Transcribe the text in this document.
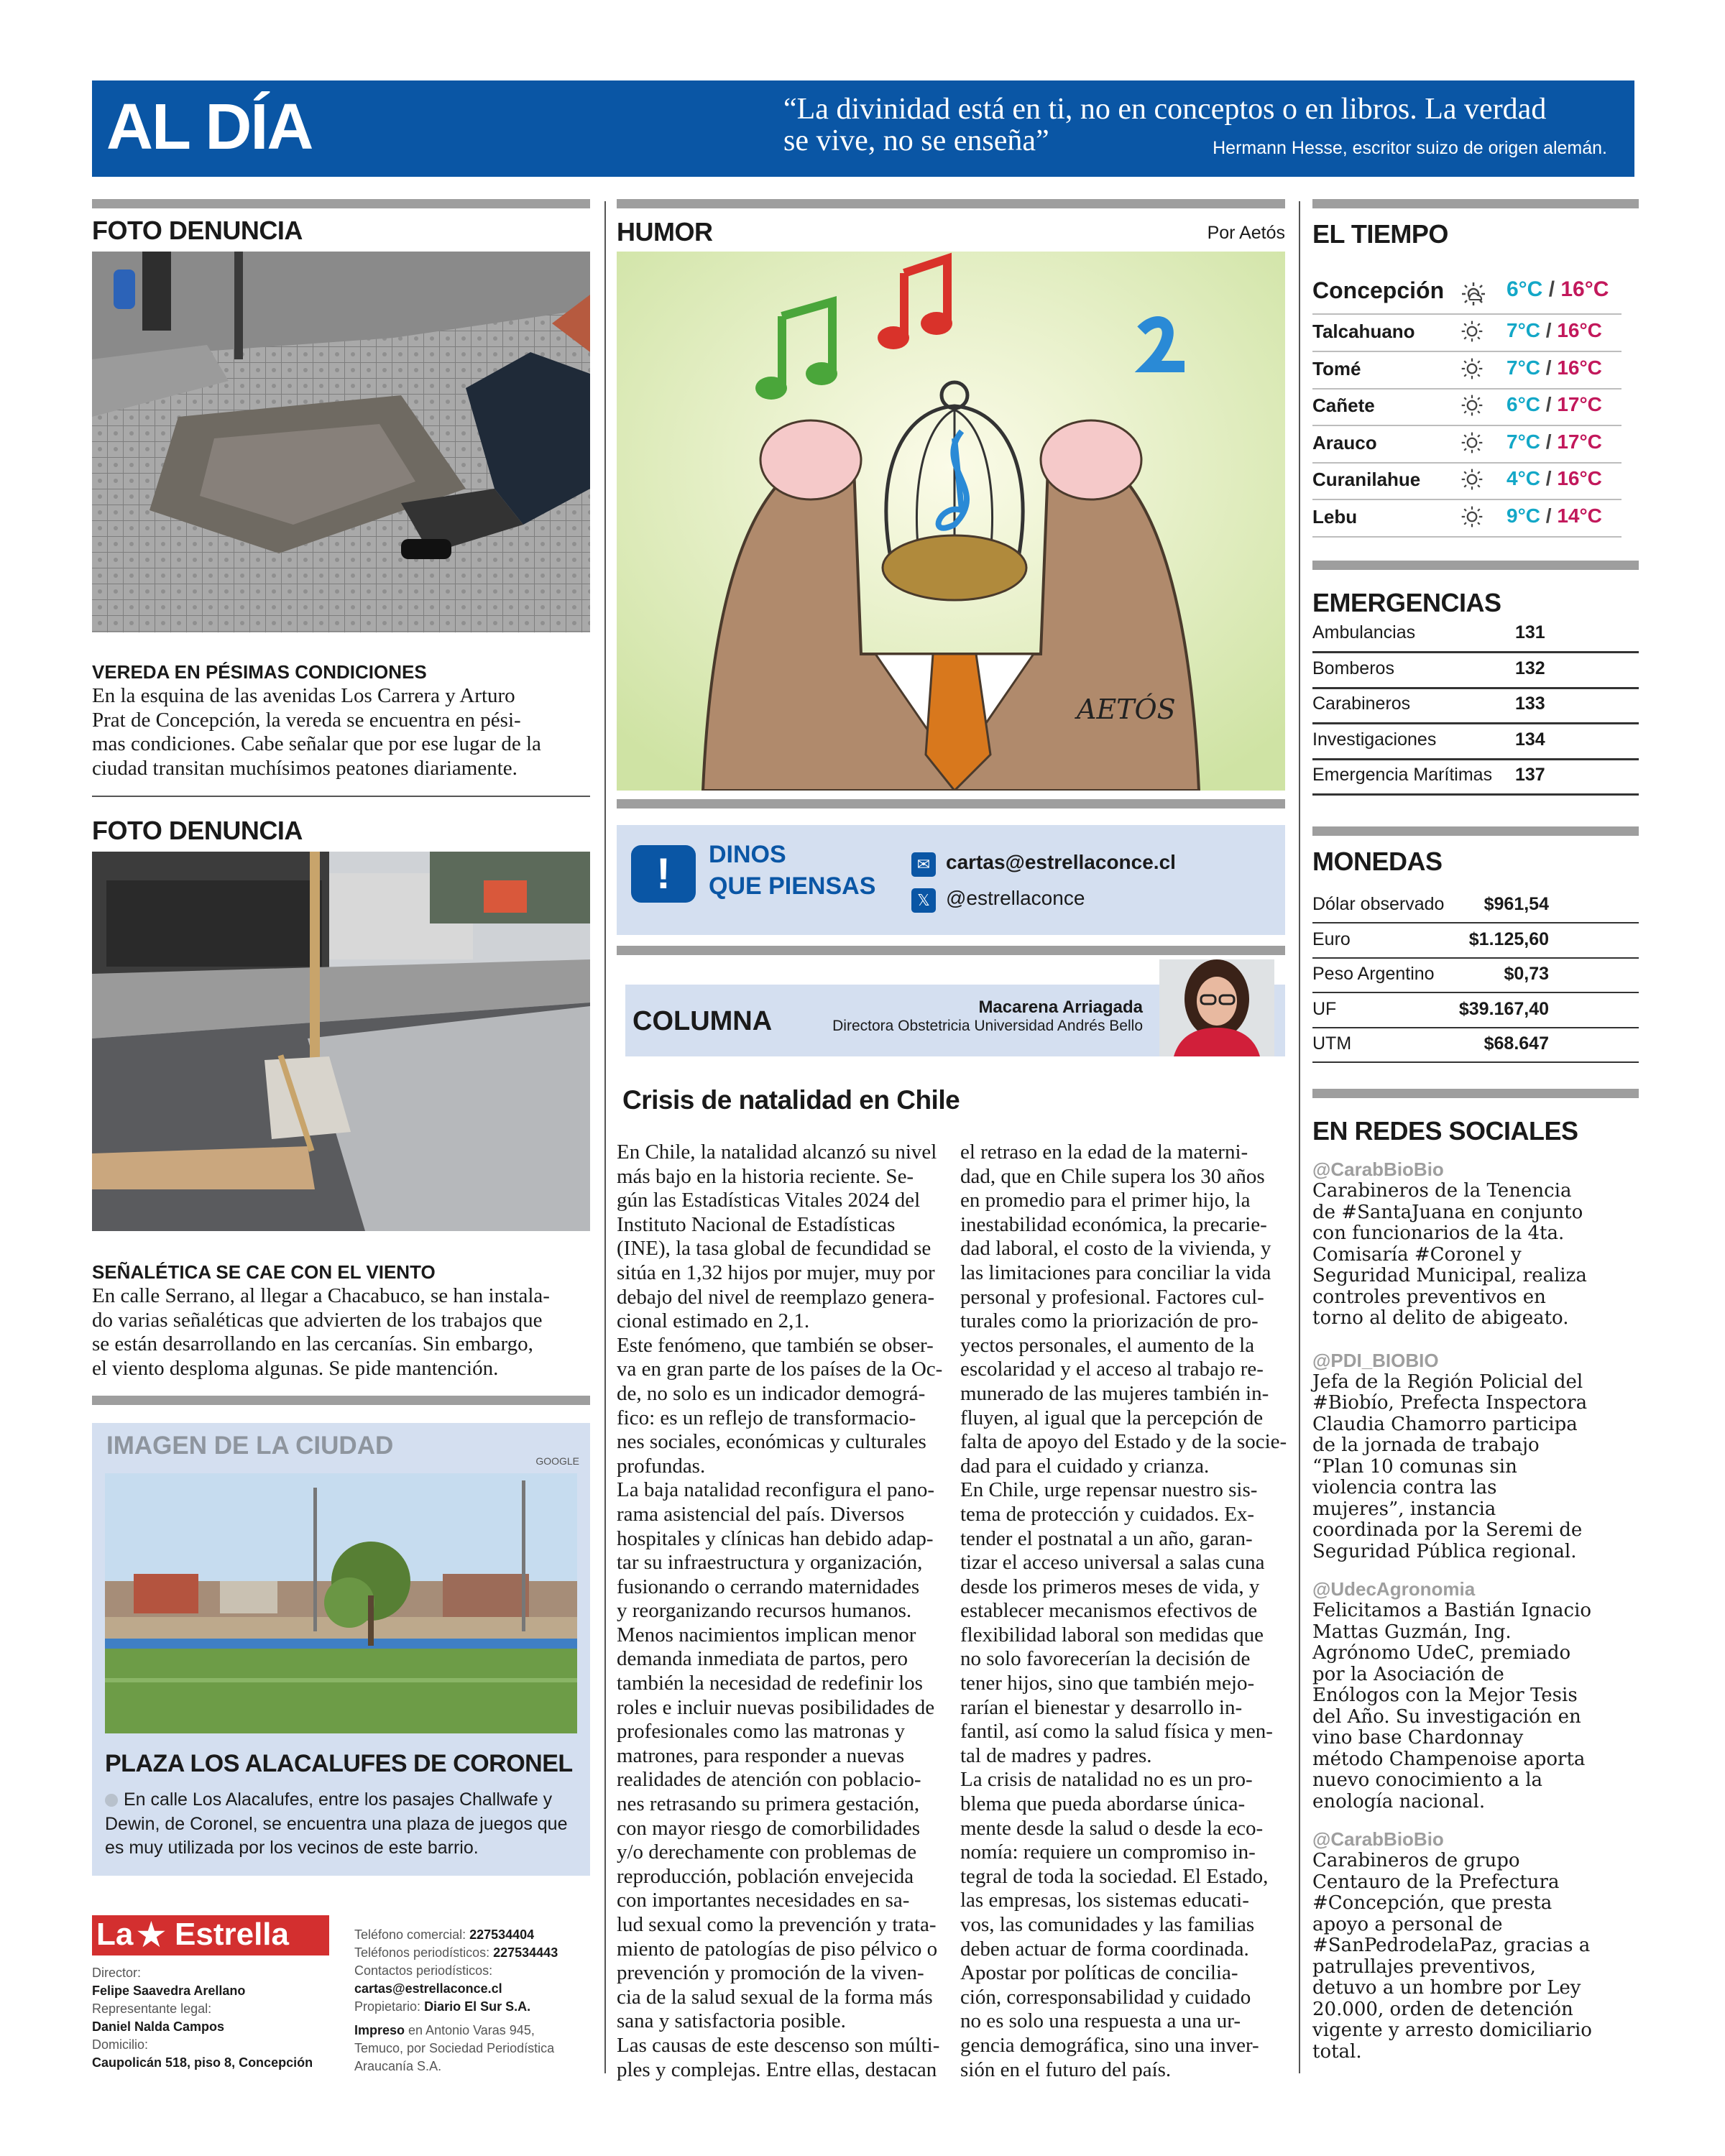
AL DÍA	“La divinidad está en ti, no en conceptos o en libros. La verdad
se vive, no se enseña”	Hermann Hesse, escritor suizo de origen alemán.
FOTO DENUNCIA
VEREDA EN PÉSIMAS CONDICIONES
En la esquina de las avenidas Los Carrera y Arturo
Prat de Concepción, la vereda se encuentra en pési-
mas condiciones. Cabe señalar que por ese lugar de la
ciudad transitan muchísimos peatones diariamente.
FOTO DENUNCIA
SEÑALÉTICA SE CAE CON EL VIENTO
En calle Serrano, al llegar a Chacabuco, se han instala-
do varias señaléticas que advierten de los trabajos que
se están desarrollando en las cercanías. Sin embargo,
el viento desploma algunas. Se pide mantención.
IMAGEN DE LA CIUDAD
GOOGLE
PLAZA LOS ALACALUFES DE CORONEL
En calle Los Alacalufes, entre los pasajes Challwafe y
Dewin, de Coronel, se encuentra una plaza de juegos que
es muy utilizada por los vecinos de este barrio.
La ★ Estrella
Director:
Felipe Saavedra Arellano
Representante legal:
Daniel Nalda Campos
Domicilio:
Caupolicán 518, piso 8, Concepción
Teléfono comercial: 227534404
Teléfonos periodísticos: 227534443
Contactos periodísticos:
cartas@estrellaconce.cl
Propietario: Diario El Sur S.A.
Impreso en Antonio Varas 945,
Temuco, por Sociedad Periodística
Araucanía S.A.
HUMOR	Por Aetós
AETÓS
!	DINOS
QUE PIENSAS
✉ cartas@estrellaconce.cl
𝕏 @estrellaconce
COLUMNA	Macarena Arriagada
Directora Obstetricia Universidad Andrés Bello
Crisis de natalidad en Chile
En Chile, la natalidad alcanzó su nivel
más bajo en la historia reciente. Se-
gún las Estadísticas Vitales 2024 del
Instituto Nacional de Estadísticas
(INE), la tasa global de fecundidad se
sitúa en 1,32 hijos por mujer, muy por
debajo del nivel de reemplazo genera-
cional estimado en 2,1.
Este fenómeno, que también se obser-
va en gran parte de los países de la Oc-
de, no solo es un indicador demográ-
fico: es un reflejo de transformacio-
nes sociales, económicas y culturales
profundas.
La baja natalidad reconfigura el pano-
rama asistencial del país. Diversos
hospitales y clínicas han debido adap-
tar su infraestructura y organización,
fusionando o cerrando maternidades
y reorganizando recursos humanos.
Menos nacimientos implican menor
demanda inmediata de partos, pero
también la necesidad de redefinir los
roles e incluir nuevas posibilidades de
profesionales como las matronas y
matrones, para responder a nuevas
realidades de atención con poblacio-
nes retrasando su primera gestación,
con mayor riesgo de comorbilidades
y/o derechamente con problemas de
reproducción, población envejecida
con importantes necesidades en sa-
lud sexual como la prevención y trata-
miento de patologías de piso pélvico o
prevención y promoción de la viven-
cia de la salud sexual de la forma más
sana y satisfactoria posible.
Las causas de este descenso son múlti-
ples y complejas. Entre ellas, destacan
el retraso en la edad de la materni-
dad, que en Chile supera los 30 años
en promedio para el primer hijo, la
inestabilidad económica, la precarie-
dad laboral, el costo de la vivienda, y
las limitaciones para conciliar la vida
personal y profesional. Factores cul-
turales como la priorización de pro-
yectos personales, el aumento de la
escolaridad y el acceso al trabajo re-
munerado de las mujeres también in-
fluyen, al igual que la percepción de
falta de apoyo del Estado y de la socie-
dad para el cuidado y crianza.
En Chile, urge repensar nuestro sis-
tema de protección y cuidados. Ex-
tender el postnatal a un año, garan-
tizar el acceso universal a salas cuna
desde los primeros meses de vida, y
establecer mecanismos efectivos de
flexibilidad laboral son medidas que
no solo favorecerían la decisión de
tener hijos, sino que también mejo-
rarían el bienestar y desarrollo in-
fantil, así como la salud física y men-
tal de madres y padres.
La crisis de natalidad no es un pro-
blema que pueda abordarse única-
mente desde la salud o desde la eco-
nomía: requiere un compromiso in-
tegral de toda la sociedad. El Estado,
las empresas, los sistemas educati-
vos, las comunidades y las familias
deben actuar de forma coordinada.
Apostar por políticas de concilia-
ción, corresponsabilidad y cuidado
no es solo una respuesta a una ur-
gencia demográfica, sino una inver-
sión en el futuro del país.
EL TIEMPO
Concepción	6°C / 16°C
Talcahuano	7°C / 16°C
Tomé	7°C / 16°C
Cañete	6°C / 17°C
Arauco	7°C / 17°C
Curanilahue	4°C / 16°C
Lebu	9°C / 14°C
EMERGENCIAS
Ambulancias	131
Bomberos	132
Carabineros	133
Investigaciones	134
Emergencia Marítimas 137
MONEDAS
Dólar observado $961,54
Euro	$1.125,60
Peso Argentino	$0,73
UF	$39.167,40
UTM	$68.647
EN REDES SOCIALES
@CarabBioBio
Carabineros de la Tenencia
de #SantaJuana en conjunto
con funcionarios de la 4ta.
Comisaría #Coronel y
Seguridad Municipal, realiza
controles preventivos en
torno al delito de abigeato.
@PDI_BIOBIO
Jefa de la Región Policial del
#Biobío, Prefecta Inspectora
Claudia Chamorro participa
de la jornada de trabajo
“Plan 10 comunas sin
violencia contra las
mujeres”, instancia
coordinada por la Seremi de
Seguridad Pública regional.
@UdecAgronomia
Felicitamos a Bastián Ignacio
Mattas Guzmán, Ing.
Agrónomo UdeC, premiado
por la Asociación de
Enólogos con la Mejor Tesis
del Año. Su investigación en
vino base Chardonnay
método Champenoise aporta
nuevo conocimiento a la
enología nacional.
@CarabBioBio
Carabineros de grupo
Centauro de la Prefectura
#Concepción, que presta
apoyo a personal de
#SanPedrodelaPaz, gracias a
patrullajes preventivos,
detuvo a un hombre por Ley
20.000, orden de detención
vigente y arresto domiciliario
total.
